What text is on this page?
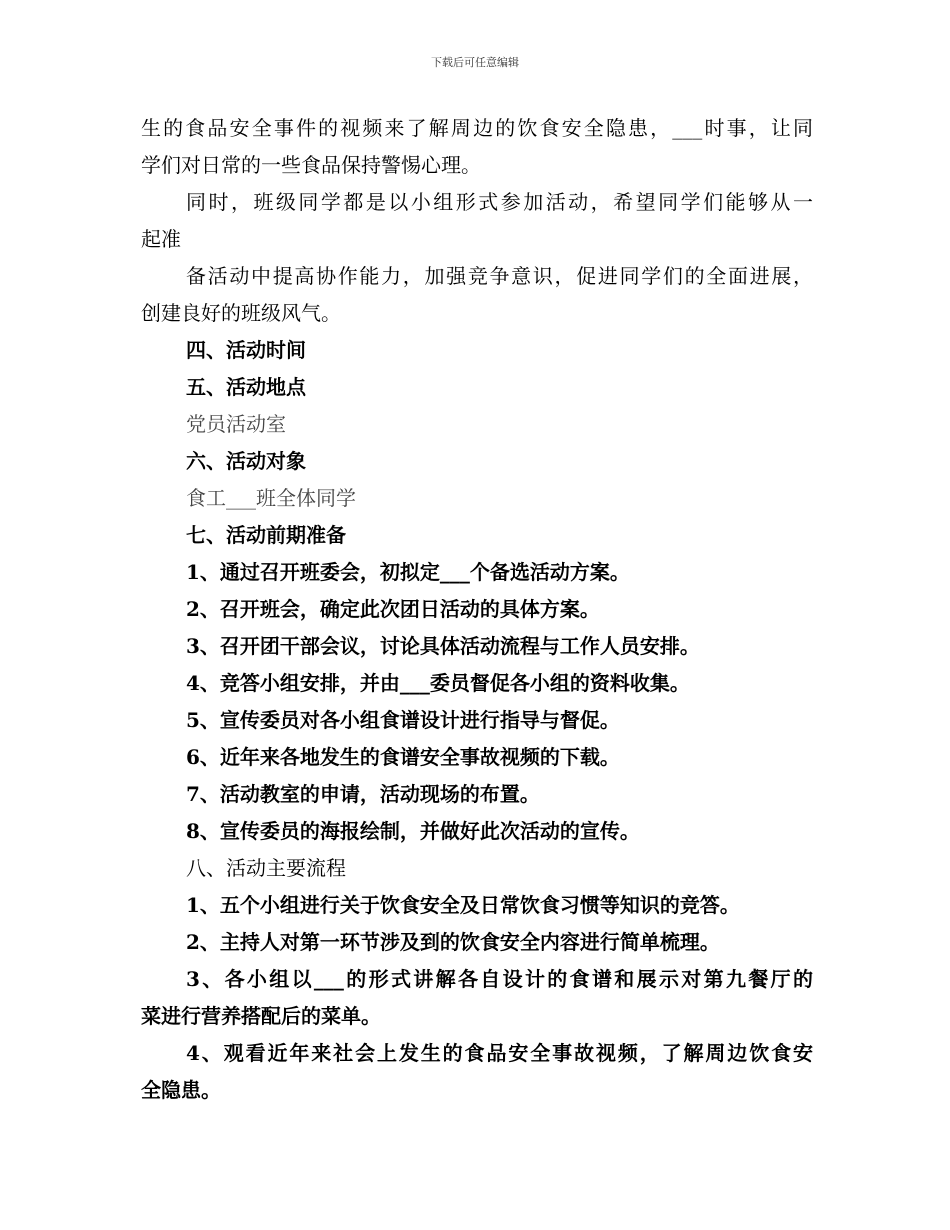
下载后可任意编辑
生的食品安全事件的视频来了解周边的饮食安全隐患，___时事，让同
学们对日常的一些食品保持警惕心理。
同时，班级同学都是以小组形式参加活动，希望同学们能够从一
起准
备活动中提高协作能力，加强竞争意识，促进同学们的全面进展，
创建良好的班级风气。
四、活动时间
五、活动地点
党员活动室
六、活动对象
食工___班全体同学
七、活动前期准备
1、通过召开班委会，初拟定___个备选活动方案。
2、召开班会，确定此次团日活动的具体方案。
3、召开团干部会议，讨论具体活动流程与工作人员安排。
4、竞答小组安排，并由___委员督促各小组的资料收集。
5、宣传委员对各小组食谱设计进行指导与督促。
6、近年来各地发生的食谱安全事故视频的下载。
7、活动教室的申请，活动现场的布置。
8、宣传委员的海报绘制，并做好此次活动的宣传。
八、活动主要流程
1、五个小组进行关于饮食安全及日常饮食习惯等知识的竞答。
2、主持人对第一环节涉及到的饮食安全内容进行简单梳理。
3、各小组以___的形式讲解各自设计的食谱和展示对第九餐厅的
菜进行营养搭配后的菜单。
4、观看近年来社会上发生的食品安全事故视频，了解周边饮食安
全隐患。
